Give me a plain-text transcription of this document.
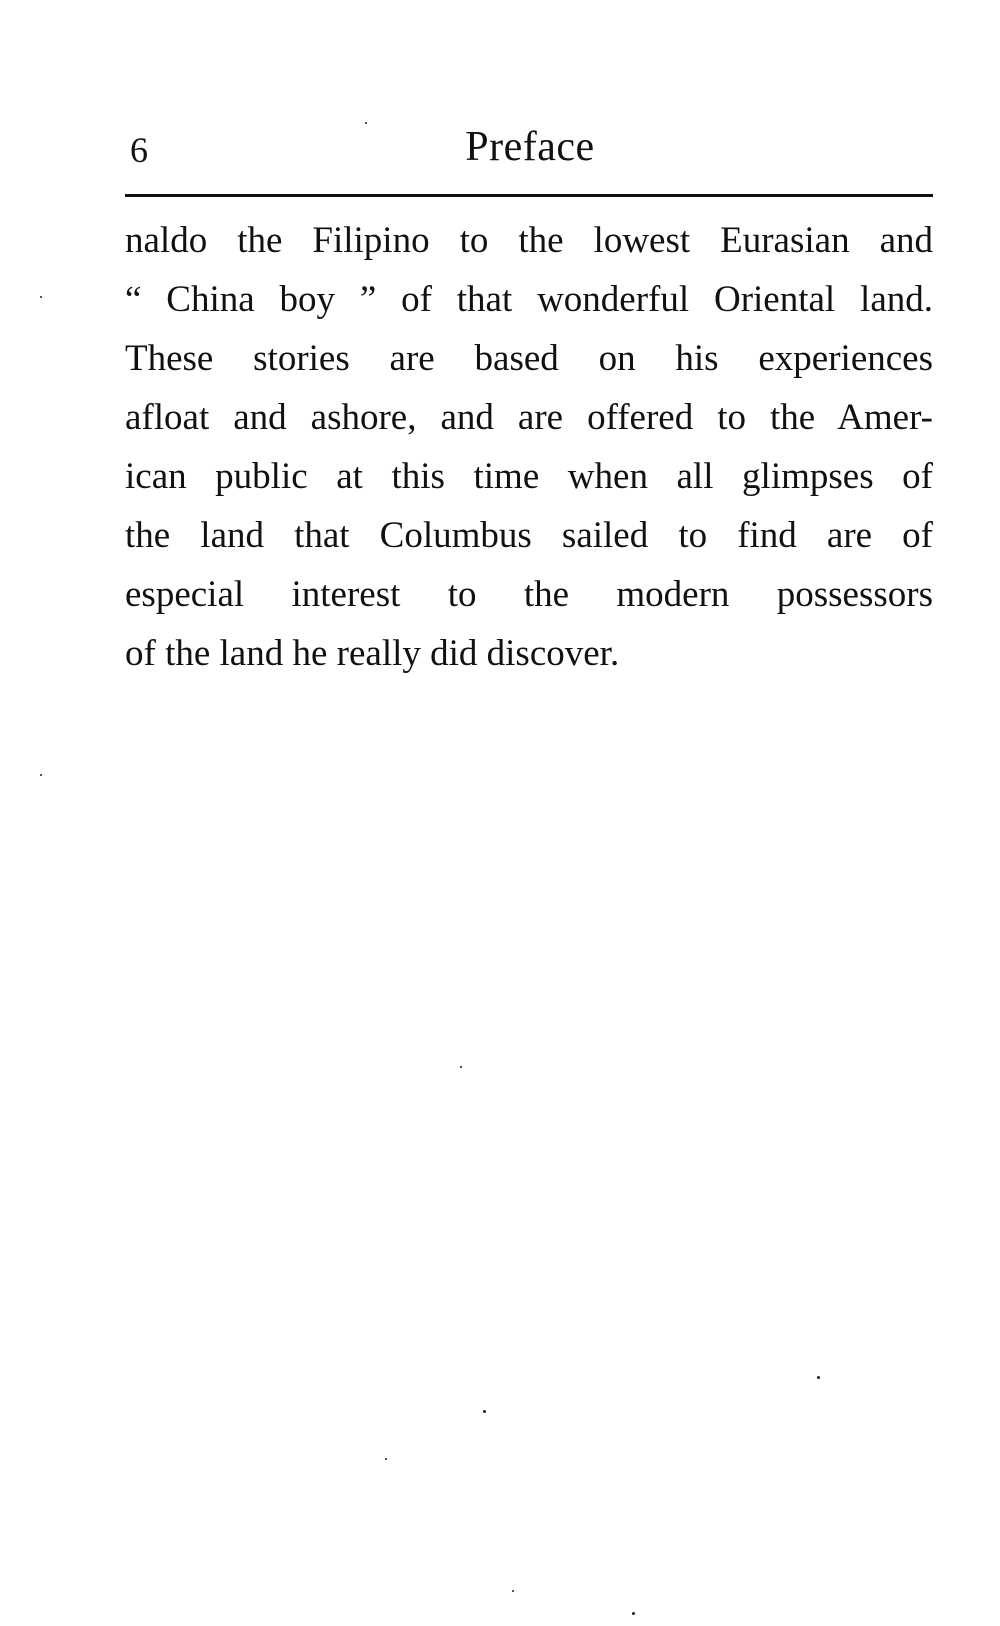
6	Preface
naldo the Filipino to the lowest Eurasian and
“ China boy ” of that wonderful Oriental land.
These stories are based on his experiences
afloat and ashore, and are offered to the Amer-
ican public at this time when all glimpses of
the land that Columbus sailed to find are of
especial interest to the modern possessors
of the land he really did discover.
